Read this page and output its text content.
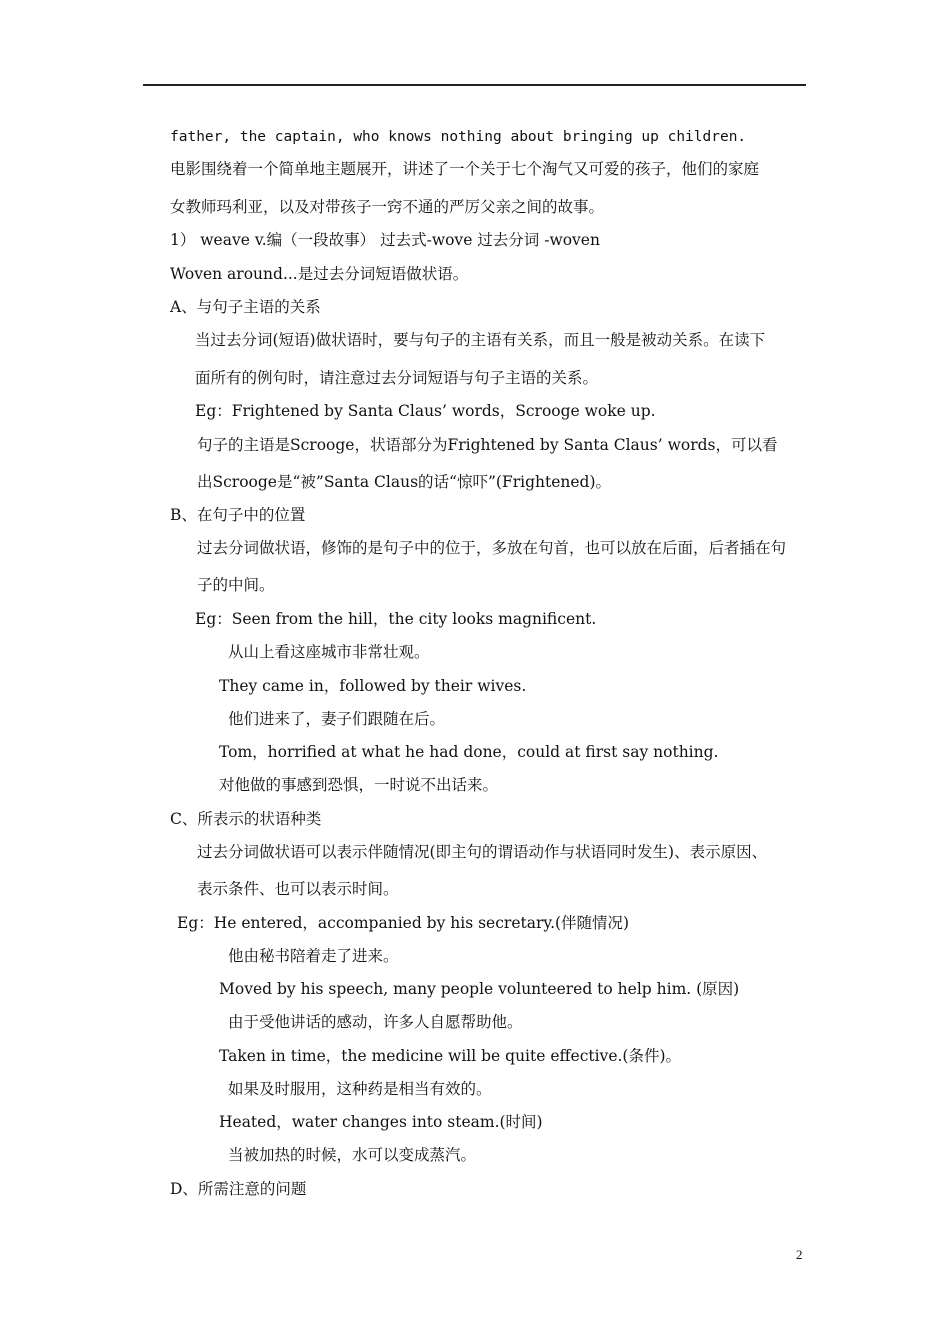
father, the captain, who knows nothing about bringing up children.
电影围绕着一个简单地主题展开，讲述了一个关于七个淘气又可爱的孩子，他们的家庭
女教师玛利亚，以及对带孩子一窍不通的严厉父亲之间的故事。
1） weave v.编（一段故事） 过去式-wove 过去分词 -woven
Woven around...是过去分词短语做状语。
A、与句子主语的关系
当过去分词(短语)做状语时，要与句子的主语有关系，而且一般是被动关系。在读下
面所有的例句时，请注意过去分词短语与句子主语的关系。
Eg：Frightened by Santa Claus’ words，Scrooge woke up.
句子的主语是Scrooge，状语部分为Frightened by Santa Claus’ words，可以看
出Scrooge是“被”Santa Claus的话“惊吓”(Frightened)。
B、在句子中的位置
过去分词做状语，修饰的是句子中的位于，多放在句首，也可以放在后面，后者插在句
子的中间。
Eg：Seen from the hill，the city looks magnificent.
从山上看这座城市非常壮观。
They came in，followed by their wives.
他们进来了，妻子们跟随在后。
Tom，horrified at what he had done，could at first say nothing.
对他做的事感到恐惧，一时说不出话来。
C、所表示的状语种类
过去分词做状语可以表示伴随情况(即主句的谓语动作与状语同时发生)、表示原因、
表示条件、也可以表示时间。
Eg：He entered，accompanied by his secretary.(伴随情况)
他由秘书陪着走了进来。
Moved by his speech, many people volunteered to help him. (原因)
由于受他讲话的感动，许多人自愿帮助他。
Taken in time，the medicine will be quite effective.(条件)。
如果及时服用，这种药是相当有效的。
Heated，water changes into steam.(时间)
当被加热的时候，水可以变成蒸汽。
D、所需注意的问题
2
